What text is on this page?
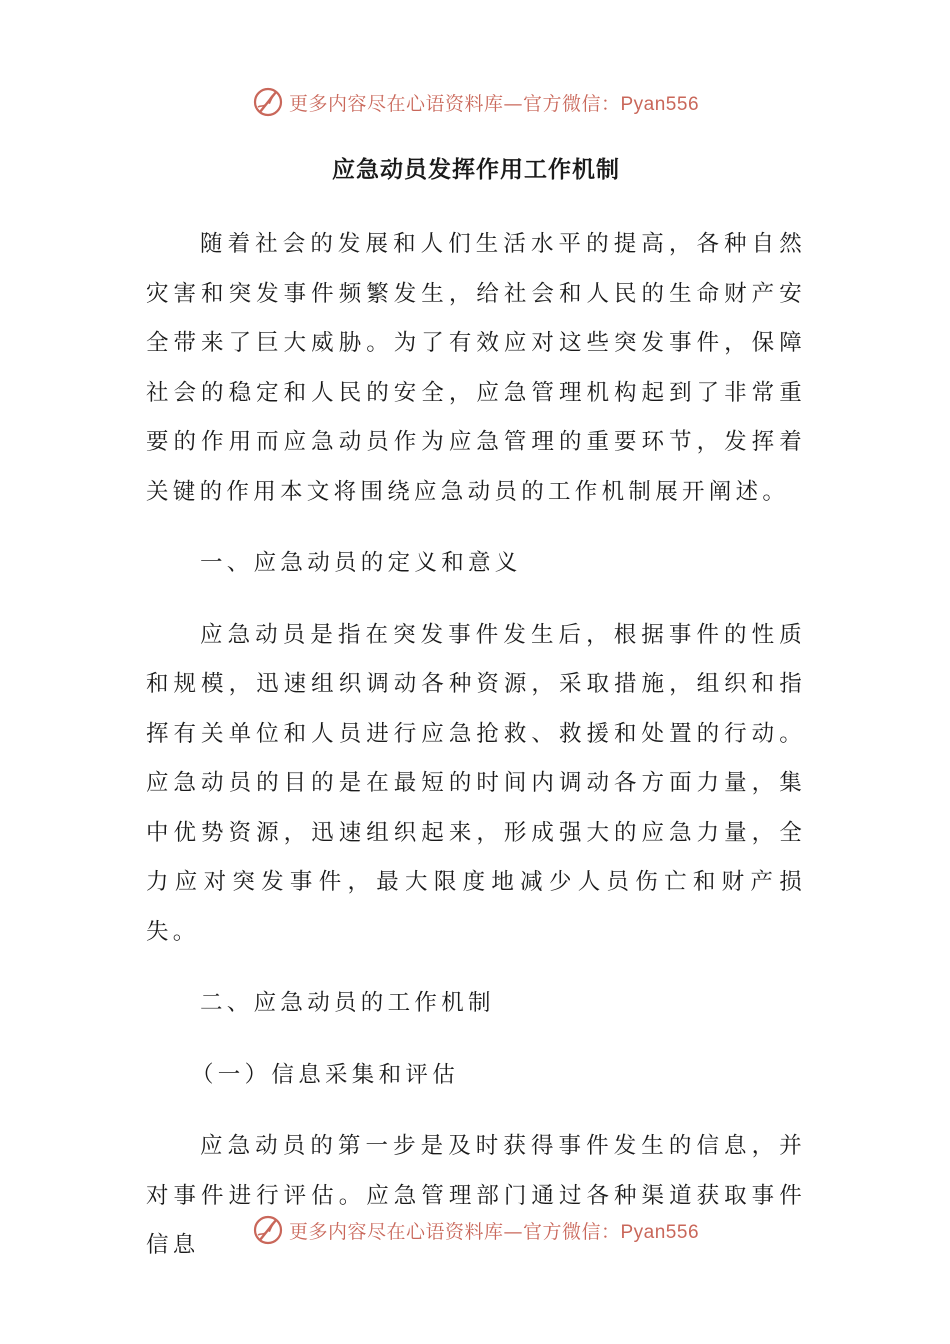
更多内容尽在心语资料库—官方微信：Pyan556
应急动员发挥作用工作机制

随着社会的发展和人们生活水平的提高，各种自然灾害和突发事件频繁发生，给社会和人民的生命财产安全带来了巨大威胁。为了有效应对这些突发事件，保障社会的稳定和人民的安全，应急管理机构起到了非常重要的作用而应急动员作为应急管理的重要环节，发挥着关键的作用本文将围绕应急动员的工作机制展开阐述。

一、应急动员的定义和意义

应急动员是指在突发事件发生后，根据事件的性质和规模，迅速组织调动各种资源，采取措施，组织和指挥有关单位和人员进行应急抢救、救援和处置的行动。应急动员的目的是在最短的时间内调动各方面力量，集中优势资源，迅速组织起来，形成强大的应急力量，全力应对突发事件，最大限度地减少人员伤亡和财产损失。

二、应急动员的工作机制

（一）信息采集和评估

应急动员的第一步是及时获得事件发生的信息，并对事件进行评估。应急管理部门通过各种渠道获取事件信息

更多内容尽在心语资料库—官方微信：Pyan556
